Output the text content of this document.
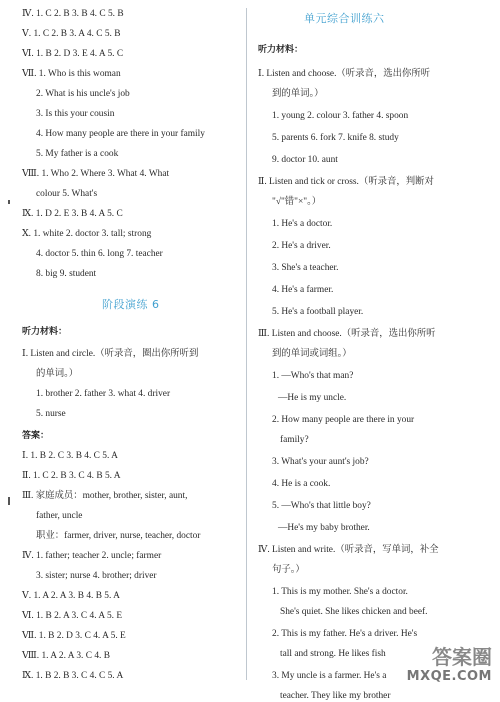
Ⅳ. 1. C 2. B 3. B 4. C 5. B
Ⅴ. 1. C 2. B 3. A 4. C 5. B
Ⅵ. 1. B 2. D 3. E 4. A 5. C
Ⅶ. 1. Who is this woman
2. What is his uncle's job
3. Is this your cousin
4. How many people are there in your family
5. My father is a cook
Ⅷ. 1. Who 2. Where 3. What 4. What
colour 5. What's
Ⅸ. 1. D 2. E 3. B 4. A 5. C
Ⅹ. 1. white 2. doctor 3. tall; strong
4. doctor 5. thin 6. long 7. teacher
8. big 9. student
阶段演练 6
听力材料：
Ⅰ. Listen and circle.（听录音，圈出你所听到
的单词。）
1. brother 2. father 3. what 4. driver
5. nurse
答案：
Ⅰ. 1. B 2. C 3. B 4. C 5. A
Ⅱ. 1. C 2. B 3. C 4. B 5. A
Ⅲ. 家庭成员：mother, brother, sister, aunt,
father, uncle
职业：farmer, driver, nurse, teacher, doctor
Ⅳ. 1. father; teacher 2. uncle; farmer
3. sister; nurse 4. brother; driver
Ⅴ. 1. A 2. A 3. B 4. B 5. A
Ⅵ. 1. B 2. A 3. C 4. A 5. E
Ⅶ. 1. B 2. D 3. C 4. A 5. E
Ⅷ. 1. A 2. A 3. C 4. B
Ⅸ. 1. B 2. B 3. C 4. C 5. A
单元综合训练六
听力材料：
Ⅰ. Listen and choose.（听录音，选出你所听
到的单词。）
1. young 2. colour 3. father 4. spoon
5. parents 6. fork 7. knife 8. study
9. doctor 10. aunt
Ⅱ. Listen and tick or cross.（听录音，判断对
"√"错"×"。）
1. He's a doctor.
2. He's a driver.
3. She's a teacher.
4. He's a farmer.
5. He's a football player.
Ⅲ. Listen and choose.（听录音，选出你所听
到的单词或词组。）
1. —Who's that man?
—He is my uncle.
2. How many people are there in your
family?
3. What's your aunt's job?
4. He is a cook.
5. —Who's that little boy?
—He's my baby brother.
Ⅳ. Listen and write.（听录音，写单词，补全
句子。）
1. This is my mother. She's a doctor.
She's quiet. She likes chicken and beef.
2. This is my father. He's a driver. He's
tall and strong. He likes fish
3. My uncle is a farmer. He's a
teacher. They like my brother
答案圈
MXQE.COM
